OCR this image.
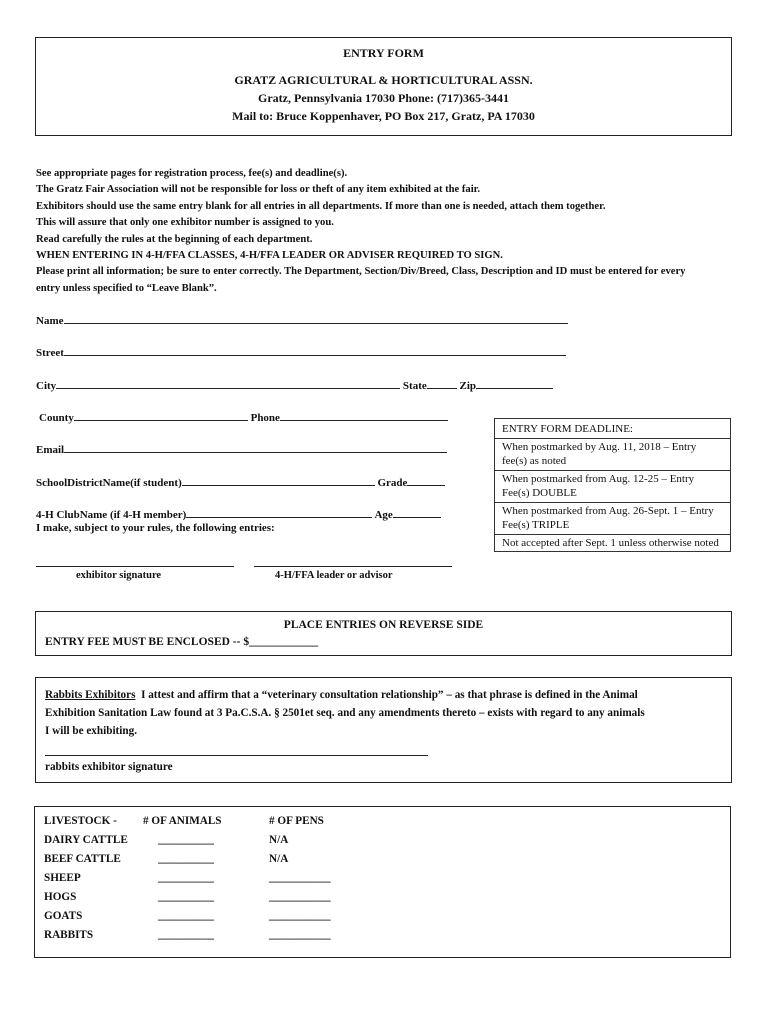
ENTRY FORM
GRATZ AGRICULTURAL & HORTICULTURAL ASSN.
Gratz, Pennsylvania 17030 Phone: (717)365-3441
Mail to: Bruce Koppenhaver, PO Box 217, Gratz, PA 17030
See appropriate pages for registration process, fee(s) and deadline(s).
The Gratz Fair Association will not be responsible for loss or theft of any item exhibited at the fair.
Exhibitors should use the same entry blank for all entries in all departments. If more than one is needed, attach them together.
This will assure that only one exhibitor number is assigned to you.
Read carefully the rules at the beginning of each department.
WHEN ENTERING IN 4-H/FFA CLASSES, 4-H/FFA LEADER OR ADVISER REQUIRED TO SIGN.
Please print all information; be sure to enter correctly. The Department, Section/Div/Breed, Class, Description and ID must be entered for every
entry unless specified to “Leave Blank”.
Name
Street
City	State	Zip
County	Phone
Email
SchoolDistrictName(if student)	Grade
4-H ClubName (if 4-H member)	Age
I make, subject to your rules, the following entries:
exhibitor signature	4-H/FFA leader or advisor
ENTRY FORM DEADLINE:
When postmarked by Aug. 11, 2018 – Entry fee(s) as noted
When postmarked from Aug. 12-25 – Entry Fee(s) DOUBLE
When postmarked from Aug. 26-Sept. 1 – Entry Fee(s) TRIPLE
Not accepted after Sept. 1 unless otherwise noted
PLACE ENTRIES ON REVERSE SIDE
ENTRY FEE MUST BE ENCLOSED -- $____________
Rabbits Exhibitors  I attest and affirm that a “veterinary consultation relationship” – as that phrase is defined in the Animal
Exhibition Sanitation Law found at 3 Pa.C.S.A. § 2501et seq. and any amendments thereto – exists with regard to any animals
I will be exhibiting.
rabbits exhibitor signature
LIVESTOCK - # OF ANIMALS	# OF PENS
DAIRY CATTLE	__________	N/A
BEEF CATTLE	__________	N/A
SHEEP	__________	___________
HOGS	__________	___________
GOATS	__________	___________
RABBITS	__________	___________
